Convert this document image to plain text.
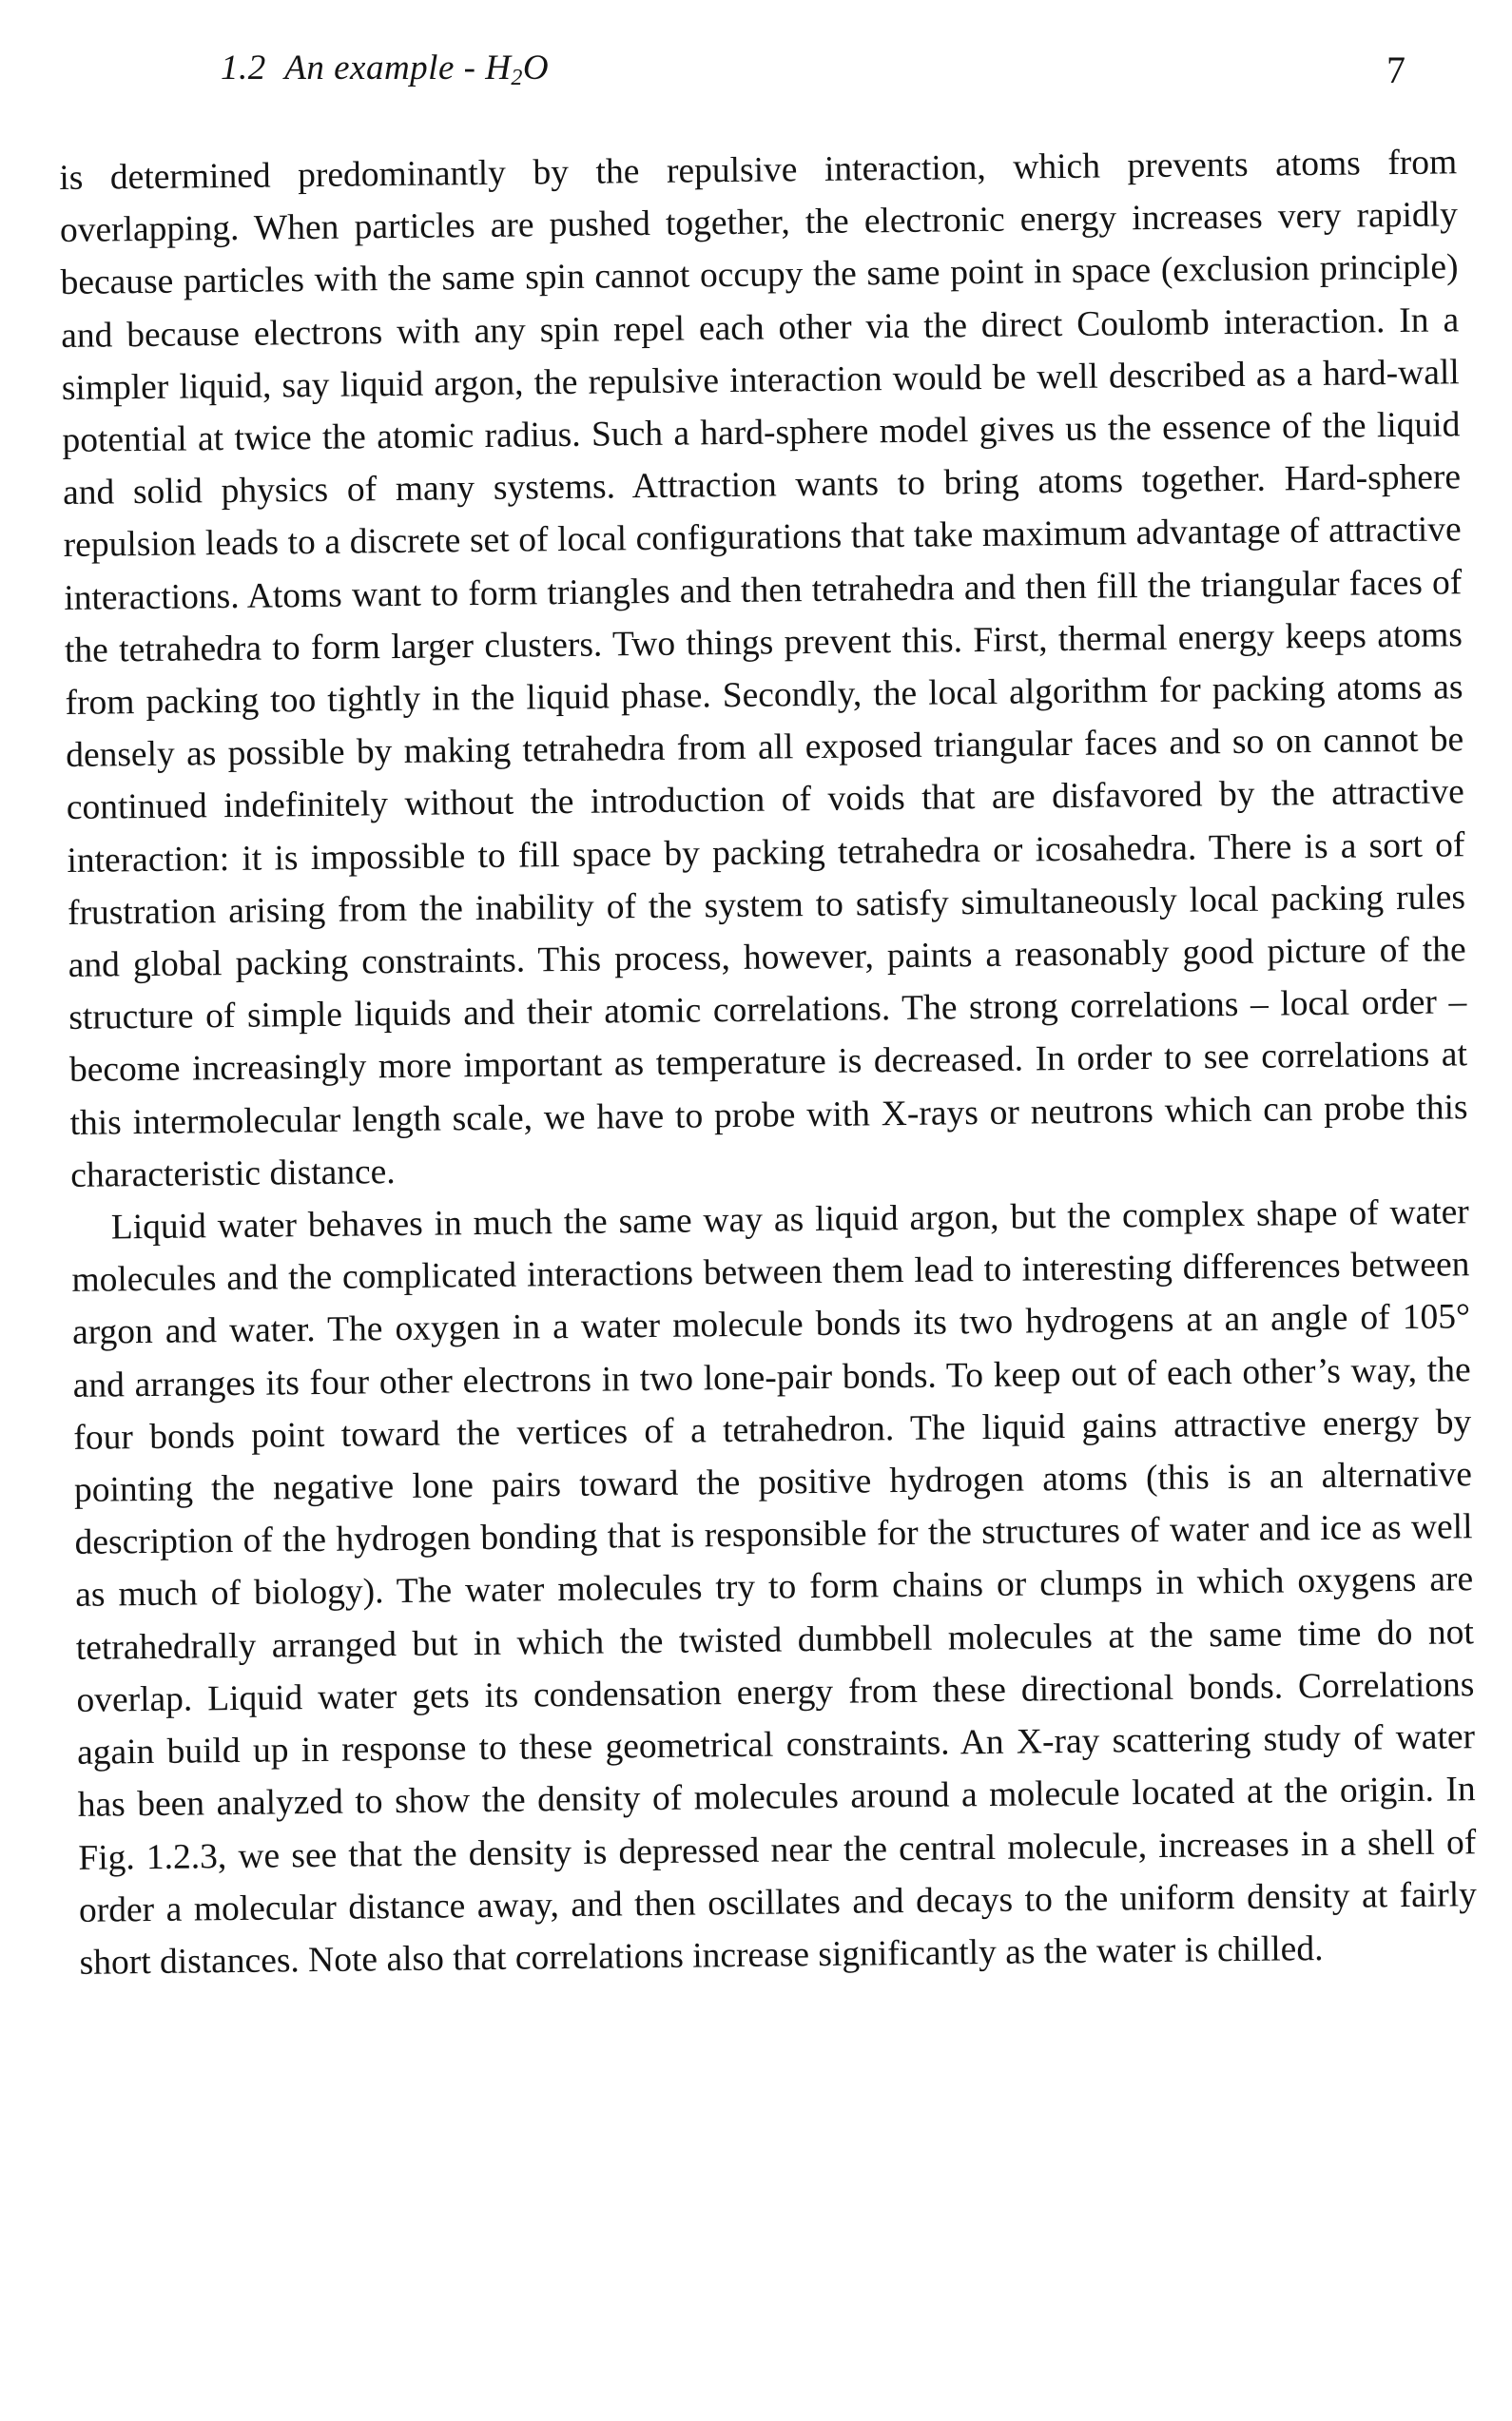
1.2 An example - $H_2O$	7

is determined predominantly by the repulsive interaction, which prevents atoms from overlapping. When particles are pushed together, the electronic energy increases very rapidly because particles with the same spin cannot occupy the same point in space (exclusion principle) and because electrons with any spin repel each other via the direct Coulomb interaction. In a simpler liquid, say liquid argon, the repulsive interaction would be well described as a hard-wall potential at twice the atomic radius. Such a hard-sphere model gives us the essence of the liquid and solid physics of many systems. Attraction wants to bring atoms together. Hard-sphere repulsion leads to a discrete set of local configurations that take maximum advantage of attractive interactions. Atoms want to form triangles and then tetrahedra and then fill the triangular faces of the tetrahedra to form larger clusters. Two things prevent this. First, thermal energy keeps atoms from packing too tightly in the liquid phase. Secondly, the local algorithm for packing atoms as densely as possible by making tetrahedra from all exposed triangular faces and so on cannot be continued indefinitely without the introduction of voids that are disfavored by the attractive interaction: it is impossible to fill space by packing tetrahedra or icosahedra. There is a sort of frustration arising from the inability of the system to satisfy simultaneously local packing rules and global packing constraints. This process, however, paints a reasonably good picture of the structure of simple liquids and their atomic correlations. The strong correlations – local order – become increasingly more important as temperature is decreased. In order to see correlations at this intermolecular length scale, we have to probe with X-rays or neutrons which can probe this characteristic distance.

Liquid water behaves in much the same way as liquid argon, but the complex shape of water molecules and the complicated interactions between them lead to interesting differences between argon and water. The oxygen in a water molecule bonds its two hydrogens at an angle of 105° and arranges its four other electrons in two lone-pair bonds. To keep out of each other’s way, the four bonds point toward the vertices of a tetrahedron. The liquid gains attractive energy by pointing the negative lone pairs toward the positive hydrogen atoms (this is an alternative description of the hydrogen bonding that is responsible for the structures of water and ice as well as much of biology). The water molecules try to form chains or clumps in which oxygens are tetrahedrally arranged but in which the twisted dumbbell molecules at the same time do not overlap. Liquid water gets its condensation energy from these directional bonds. Correlations again build up in response to these geometrical constraints. An X-ray scattering study of water has been analyzed to show the density of molecules around a molecule located at the origin. In Fig. 1.2.3, we see that the density is depressed near the central molecule, increases in a shell of order a molecular distance away, and then oscillates and decays to the uniform density at fairly short distances. Note also that correlations increase significantly as the water is chilled.
